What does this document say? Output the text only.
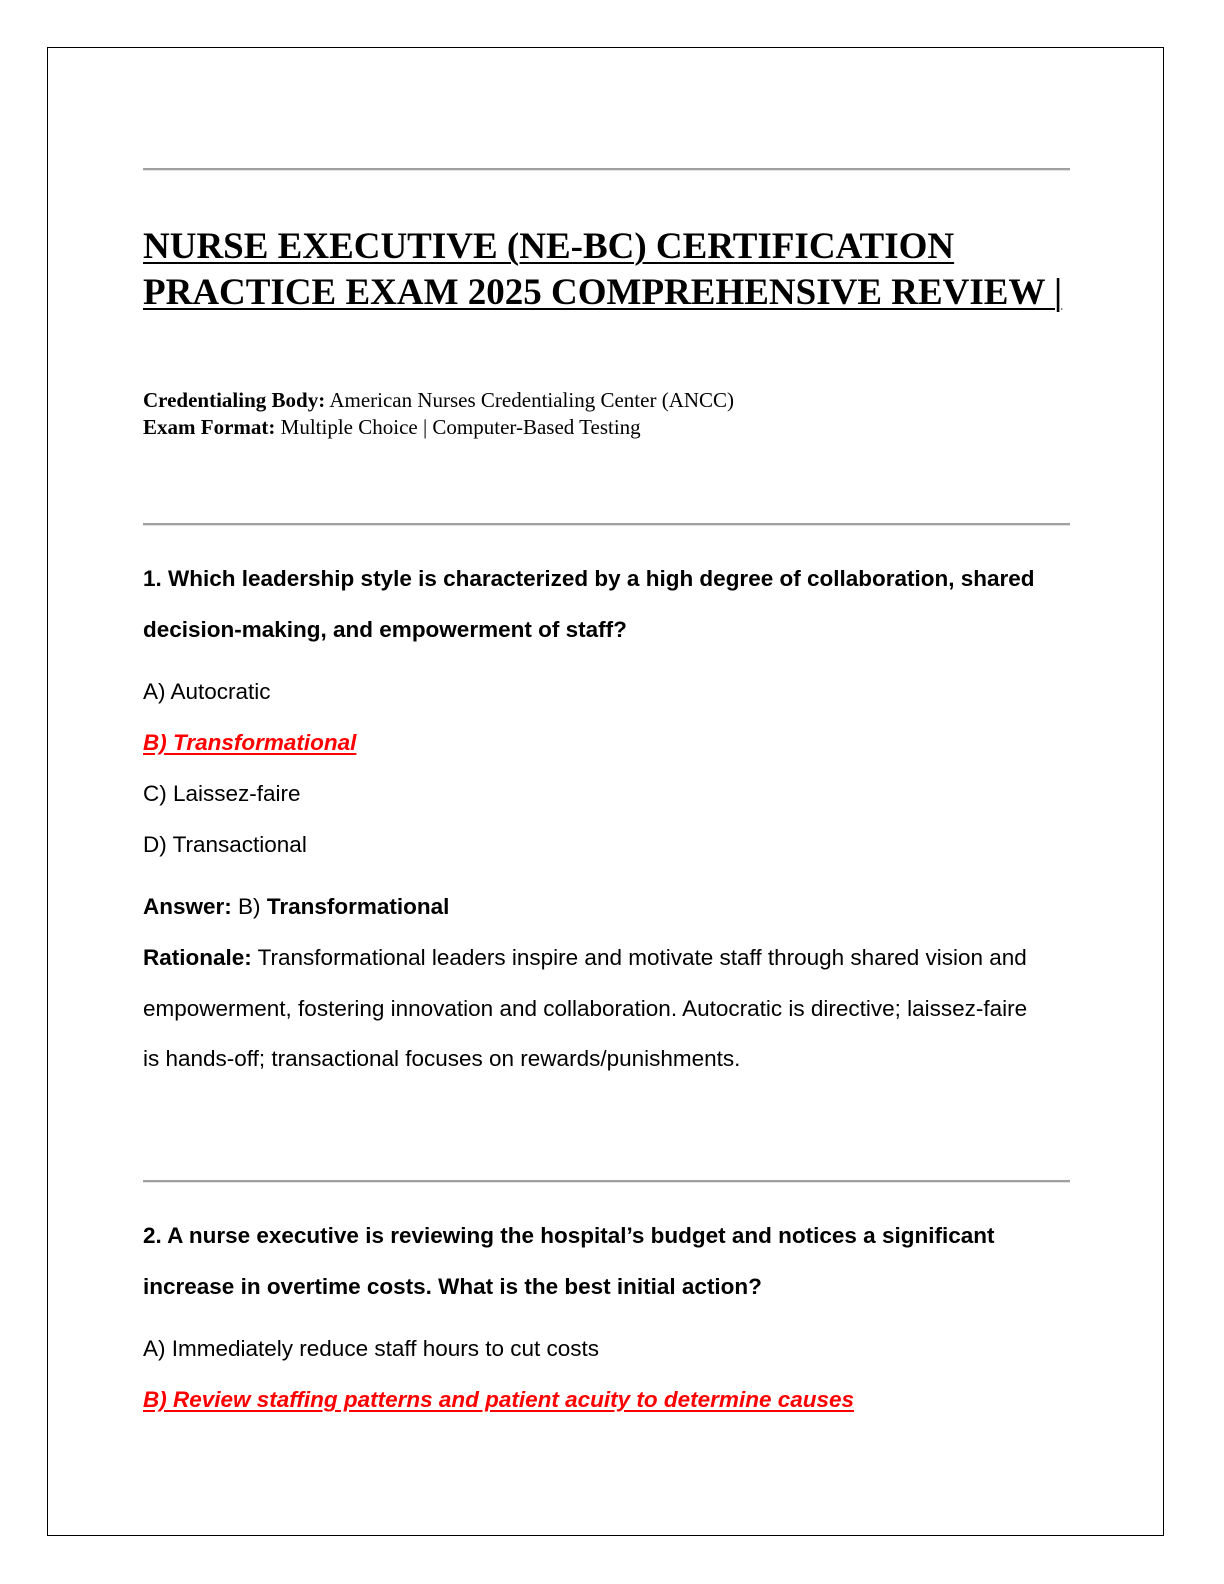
NURSE EXECUTIVE (NE-BC) CERTIFICATION PRACTICE EXAM 2025 COMPREHENSIVE REVIEW |
Credentialing Body: American Nurses Credentialing Center (ANCC)
Exam Format: Multiple Choice | Computer-Based Testing
1. Which leadership style is characterized by a high degree of collaboration, shared decision-making, and empowerment of staff?
A) Autocratic
B) Transformational
C) Laissez-faire
D) Transactional
Answer: B) Transformational
Rationale: Transformational leaders inspire and motivate staff through shared vision and empowerment, fostering innovation and collaboration. Autocratic is directive; laissez-faire is hands-off; transactional focuses on rewards/punishments.
2. A nurse executive is reviewing the hospital’s budget and notices a significant increase in overtime costs. What is the best initial action?
A) Immediately reduce staff hours to cut costs
B) Review staffing patterns and patient acuity to determine causes
